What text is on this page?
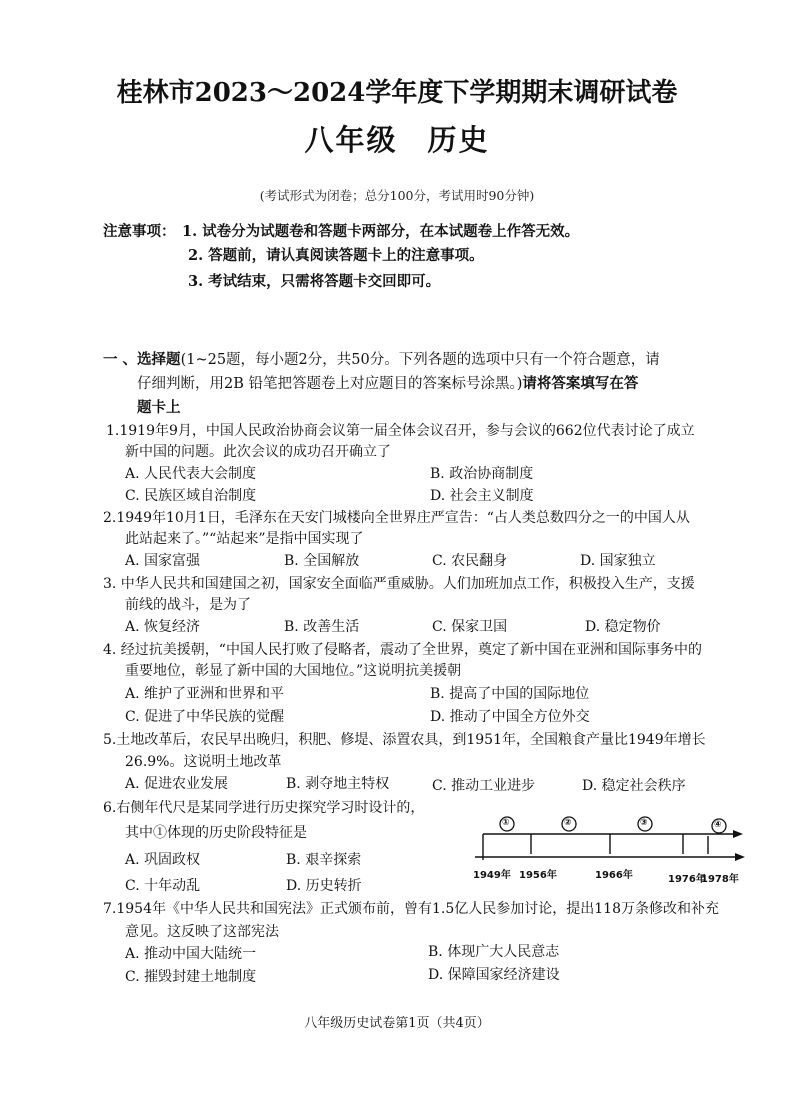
桂林市2023～2024学年度下学期期末调研试卷
八年级 历史
(考试形式为闭卷；总分100分，考试用时90分钟)
注意事项： 1. 试卷分为试题卷和答题卡两部分，在本试题卷上作答无效。
2. 答题前，请认真阅读答题卡上的注意事项。
3. 考试结束，只需将答题卡交回即可。
一 、选择题(1~25题，每小题2分，共50分。下列各题的选项中只有一个符合题意，请
仔细判断，用2B 铅笔把答题卷上对应题目的答案标号涂黑。)请将答案填写在答
题卡上
1.1919年9月，中国人民政治协商会议第一届全体会议召开，参与会议的662位代表讨论了成立
新中国的问题。此次会议的成功召开确立了
A. 人民代表大会制度	B. 政治协商制度
C. 民族区域自治制度	D. 社会主义制度
2.1949年10月1日，毛泽东在天安门城楼向全世界庄严宣告：“占人类总数四分之一的中国人从
此站起来了。”“站起来”是指中国实现了
A. 国家富强	B. 全国解放	C. 农民翻身	D. 国家独立
3. 中华人民共和国建国之初，国家安全面临严重威胁。人们加班加点工作，积极投入生产，支援
前线的战斗，是为了
A. 恢复经济	B. 改善生活	C. 保家卫国	D. 稳定物价
4. 经过抗美援朝，“中国人民打败了侵略者，震动了全世界，奠定了新中国在亚洲和国际事务中的
重要地位，彰显了新中国的大国地位。”这说明抗美援朝
A. 维护了亚洲和世界和平	B. 提高了中国的国际地位
C. 促进了中华民族的觉醒	D. 推动了中国全方位外交
5.土地改革后，农民早出晚归，积肥、修堤、添置农具，到1951年，全国粮食产量比1949年增长
26.9%。这说明土地改革
A. 促进农业发展	B. 剥夺地主特权	C. 推动工业进步	D. 稳定社会秩序
6.右侧年代尺是某同学进行历史探究学习时设计的，
其中①体现的历史阶段特征是
A. 巩固政权	B. 艰辛探索
C. 十年动乱	D. 历史转折
①	②	③	④
1949年 1956年	1966年	1976年
1978年
7.1954年《中华人民共和国宪法》正式颁布前，曾有1.5亿人民参加讨论，提出118万条修改和补充
意见。这反映了这部宪法
A. 推动中国大陆统一	B. 体现广大人民意志
C. 摧毁封建土地制度	D. 保障国家经济建设
八年级历史试卷第1页（共4页）
